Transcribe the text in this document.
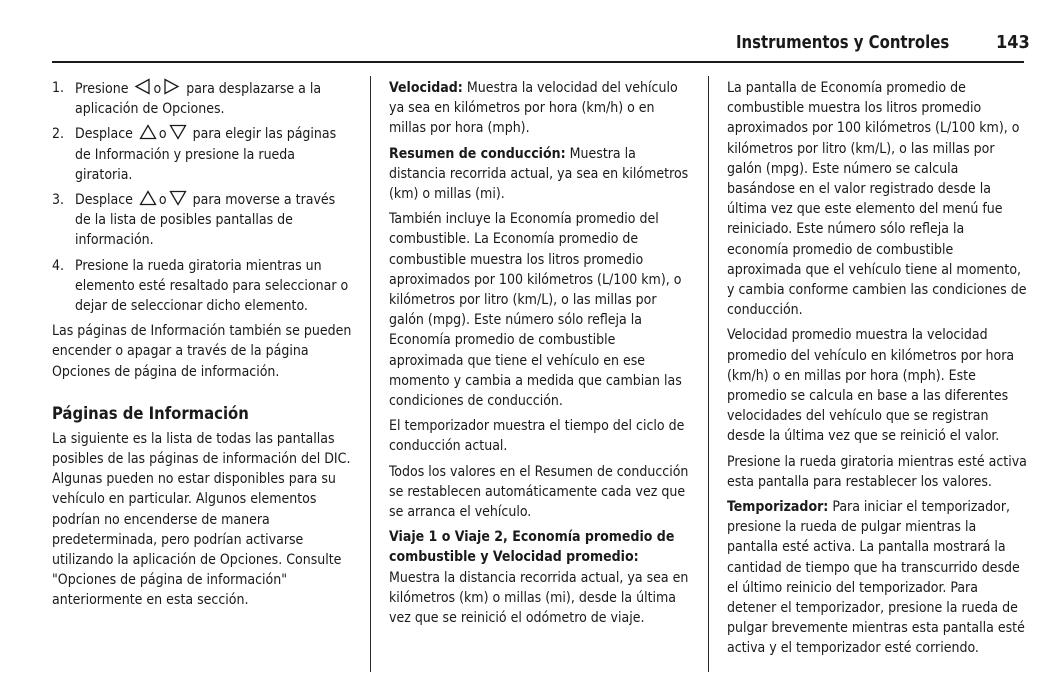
Instrumentos y Controles	143
1. Presione o para desplazarse a la aplicación de Opciones.
2. Desplace o para elegir las páginas de Información y presione la rueda giratoria.
3. Desplace o para moverse a través de la lista de posibles pantallas de información.
4. Presione la rueda giratoria mientras un elemento esté resaltado para seleccionar o dejar de seleccionar dicho elemento.

Las páginas de Información también se pueden encender o apagar a través de la página Opciones de página de información.

Páginas de Información

La siguiente es la lista de todas las pantallas posibles de las páginas de información del DIC. Algunas pueden no estar disponibles para su vehículo en particular. Algunos elementos podrían no encenderse de manera predeterminada, pero podrían activarse utilizando la aplicación de Opciones. Consulte "Opciones de página de información" anteriormente en esta sección.

Velocidad: Muestra la velocidad del vehículo ya sea en kilómetros por hora (km/h) o en millas por hora (mph).

Resumen de conducción: Muestra la distancia recorrida actual, ya sea en kilómetros (km) o millas (mi).

También incluye la Economía promedio del combustible. La Economía promedio de combustible muestra los litros promedio aproximados por 100 kilómetros (L/100 km), o kilómetros por litro (km/L), o las millas por galón (mpg). Este número sólo refleja la Economía promedio de combustible aproximada que tiene el vehículo en ese momento y cambia a medida que cambian las condiciones de conducción.

El temporizador muestra el tiempo del ciclo de conducción actual.

Todos los valores en el Resumen de conducción se restablecen automáticamente cada vez que se arranca el vehículo.

Viaje 1 o Viaje 2, Economía promedio de combustible y Velocidad promedio: Muestra la distancia recorrida actual, ya sea en kilómetros (km) o millas (mi), desde la última vez que se reinició el odómetro de viaje.

La pantalla de Economía promedio de combustible muestra los litros promedio aproximados por 100 kilómetros (L/100 km), o kilómetros por litro (km/L), o las millas por galón (mpg). Este número se calcula basándose en el valor registrado desde la última vez que este elemento del menú fue reiniciado. Este número sólo refleja la economía promedio de combustible aproximada que el vehículo tiene al momento, y cambia conforme cambien las condiciones de conducción.

Velocidad promedio muestra la velocidad promedio del vehículo en kilómetros por hora (km/h) o en millas por hora (mph). Este promedio se calcula en base a las diferentes velocidades del vehículo que se registran desde la última vez que se reinició el valor.

Presione la rueda giratoria mientras esté activa esta pantalla para restablecer los valores.

Temporizador: Para iniciar el temporizador, presione la rueda de pulgar mientras la pantalla esté activa. La pantalla mostrará la cantidad de tiempo que ha transcurrido desde el último reinicio del temporizador. Para detener el temporizador, presione la rueda de pulgar brevemente mientras esta pantalla esté activa y el temporizador esté corriendo.
